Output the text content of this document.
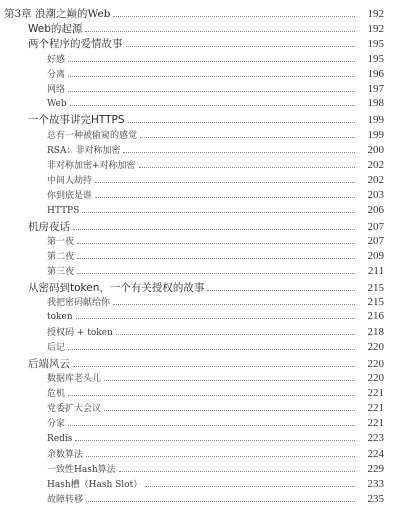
第3章 浪潮之巅的Web	192
Web的起源	192
两个程序的爱情故事	195
好感	195
分离	196
网络	197
Web	198
一个故事讲完HTTPS	199
总有一种被偷窥的感觉	199
RSA：非对称加密	200
非对称加密+对称加密	202
中间人劫持	202
你到底是谁	203
HTTPS	206
机房夜话	207
第一夜	207
第二夜	209
第三夜	211
从密码到token，一个有关授权的故事	215
我把密码献给你	215
token	216
授权码 + token	218
后记	220
后端风云	220
数据库老头儿	220
危机	221
党委扩大会议	221
分家	221
Redis	223
余数算法	224
一致性Hash算法	229
Hash槽（Hash Slot）	233
故障转移	235
